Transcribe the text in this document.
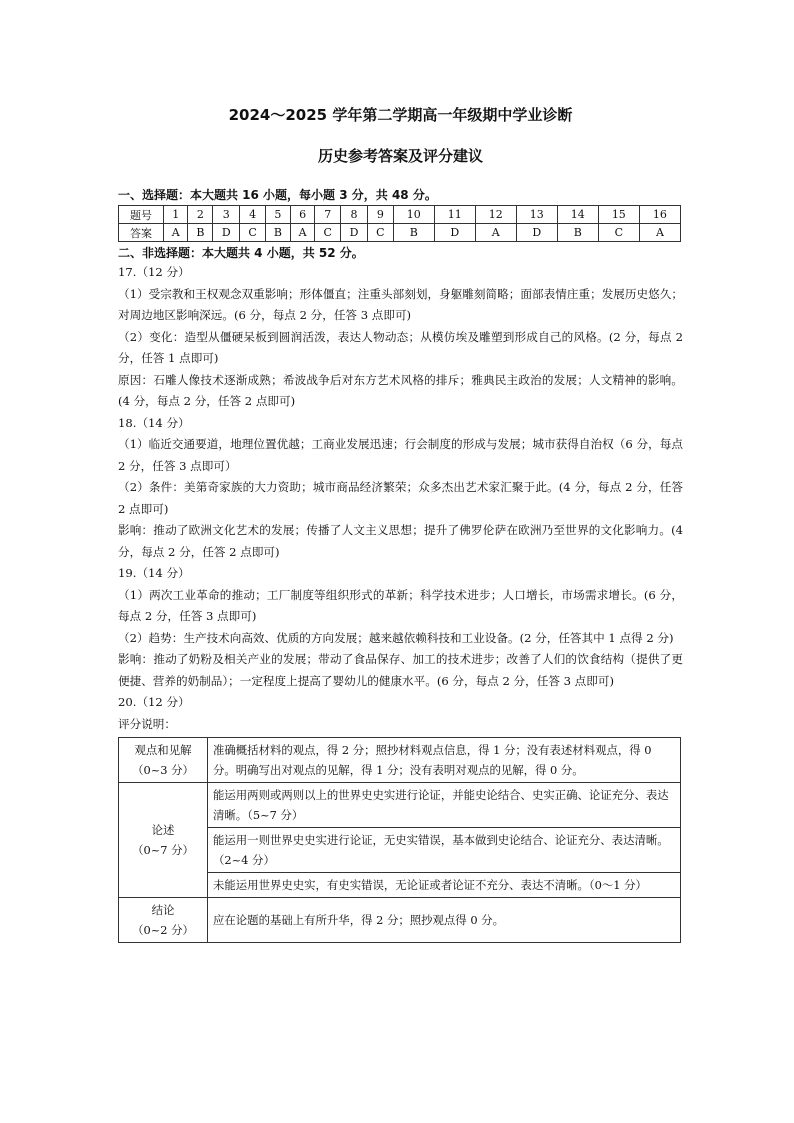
2024～2025 学年第二学期高一年级期中学业诊断
历史参考答案及评分建议
一、选择题：本大题共 16 小题，每小题 3 分，共 48 分。
题号	1	2	3	4	5	6	7	8	9	10	11	12	13	14	15	16
答案	A	B	D	C	B	A	C	D	C	B	D	A	D	B	C	A
二、非选择题：本大题共 4 小题，共 52 分。
17.（12 分）
（1）受宗教和王权观念双重影响；形体僵直；注重头部刻划，身躯雕刻简略；面部表情庄重；发展历史悠久；对周边地区影响深远。(6 分，每点 2 分，任答 3 点即可)
（2）变化：造型从僵硬呆板到圆润活泼，表达人物动态；从模仿埃及雕塑到形成自己的风格。(2 分，每点 2 分，任答 1 点即可)
原因：石雕人像技术逐渐成熟；希波战争后对东方艺术风格的排斥；雅典民主政治的发展；人文精神的影响。(4 分，每点 2 分，任答 2 点即可)
18.（14 分）
（1）临近交通要道，地理位置优越；工商业发展迅速；行会制度的形成与发展；城市获得自治权（6 分，每点 2 分，任答 3 点即可）
（2）条件：美第奇家族的大力资助；城市商品经济繁荣；众多杰出艺术家汇聚于此。(4 分，每点 2 分，任答 2 点即可)
影响：推动了欧洲文化艺术的发展；传播了人文主义思想；提升了佛罗伦萨在欧洲乃至世界的文化影响力。(4 分，每点 2 分，任答 2 点即可)
19.（14 分）
（1）两次工业革命的推动；工厂制度等组织形式的革新；科学技术进步；人口增长，市场需求增长。(6 分，每点 2 分，任答 3 点即可)
（2）趋势：生产技术向高效、优质的方向发展；越来越依赖科技和工业设备。(2 分，任答其中 1 点得 2 分)
影响：推动了奶粉及相关产业的发展；带动了食品保存、加工的技术进步；改善了人们的饮食结构（提供了更便捷、营养的奶制品）；一定程度上提高了婴幼儿的健康水平。(6 分，每点 2 分，任答 3 点即可)
20.（12 分）
评分说明：
观点和见解
（0~3 分）	准确概括材料的观点，得 2 分；照抄材料观点信息，得 1 分；没有表述材料观点，得 0 分。明确写出对观点的见解，得 1 分；没有表明对观点的见解，得 0 分。

论述
（0~7 分）	能运用两则或两则以上的世界史史实进行论证，并能史论结合、史实正确、论证充分、表达清晰。（5~7 分）
	能运用一则世界史史实进行论证，无史实错误，基本做到史论结合、论证充分、表达清晰。（2~4 分）
	未能运用世界史史实，有史实错误，无论证或者论证不充分、表达不清晰。（0～1 分）

结论
（0~2 分）	应在论题的基础上有所升华，得 2 分；照抄观点得 0 分。
